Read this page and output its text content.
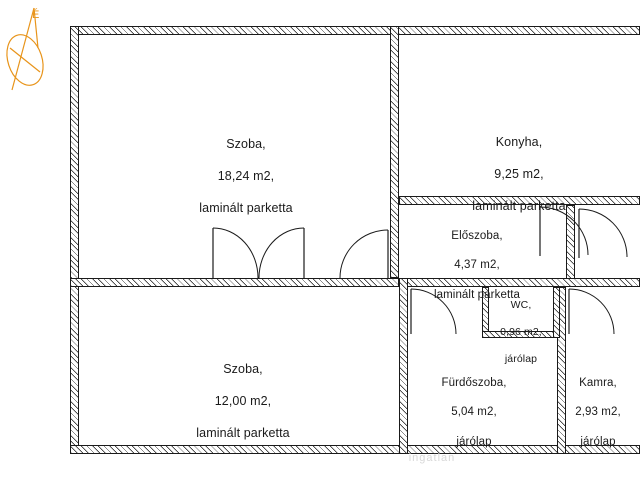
É

Szoba,

18,24 m2,

laminált parketta

Konyha,

9,25 m2,

laminált parketta

Előszoba,

4,37 m2,

laminált parketta

WC,

0,96 m2,

járólap

Szoba,

12,00 m2,

laminált parketta

Fürdőszoba,

5,04 m2,

járólap

Kamra,

2,93 m2,

járólap

ingatlan
